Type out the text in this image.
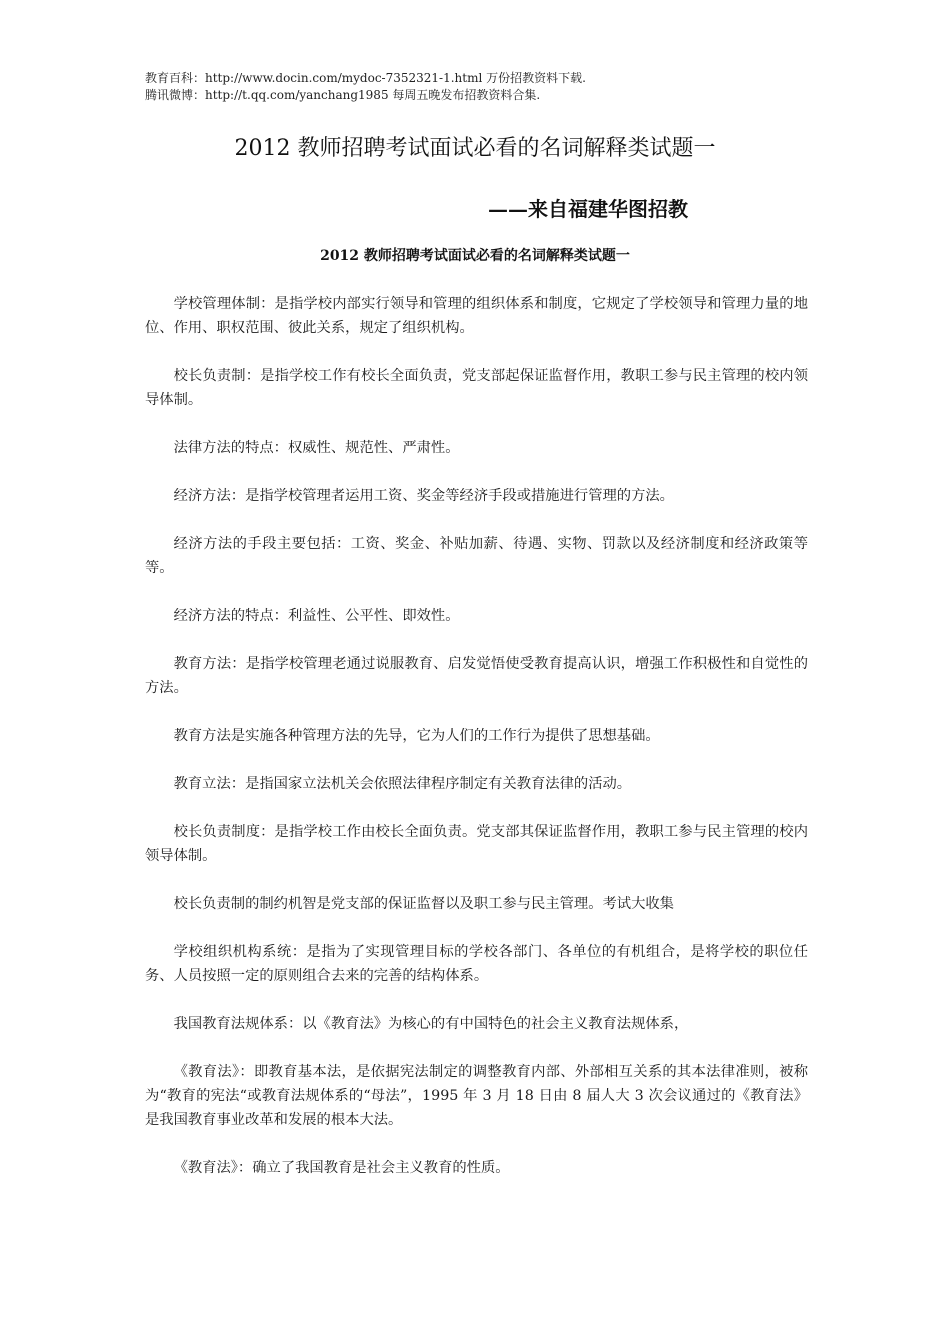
教育百科：http://www.docin.com/mydoc-7352321-1.html 万份招教资料下载.
腾讯微博：http://t.qq.com/yanchang1985 每周五晚发布招教资料合集.
2012 教师招聘考试面试必看的名词解释类试题一
——来自福建华图招教
2012 教师招聘考试面试必看的名词解释类试题一

学校管理体制：是指学校内部实行领导和管理的组织体系和制度，它规定了学校领导和管理力量的地位、作用、职权范围、彼此关系，规定了组织机构。

校长负责制：是指学校工作有校长全面负责，党支部起保证监督作用，教职工参与民主管理的校内领导体制。

法律方法的特点：权威性、规范性、严肃性。

经济方法：是指学校管理者运用工资、奖金等经济手段或措施进行管理的方法。

经济方法的手段主要包括：工资、奖金、补贴加薪、待遇、实物、罚款以及经济制度和经济政策等等。

经济方法的特点：利益性、公平性、即效性。

教育方法：是指学校管理老通过说服教育、启发觉悟使受教育提高认识，增强工作积极性和自觉性的方法。

教育方法是实施各种管理方法的先导，它为人们的工作行为提供了思想基础。

教育立法：是指国家立法机关会依照法律程序制定有关教育法律的活动。

校长负责制度：是指学校工作由校长全面负责。党支部其保证监督作用，教职工参与民主管理的校内领导体制。

校长负责制的制约机智是党支部的保证监督以及职工参与民主管理。考试大收集

学校组织机构系统：是指为了实现管理目标的学校各部门、各单位的有机组合，是将学校的职位任务、人员按照一定的原则组合去来的完善的结构体系。

我国教育法规体系：以《教育法》为核心的有中国特色的社会主义教育法规体系，

《教育法》：即教育基本法，是依据宪法制定的调整教育内部、外部相互关系的其本法律准则，被称为“教育的宪法“或教育法规体系的“母法”，1995 年 3 月 18 日由 8 届人大 3 次会议通过的《教育法》是我国教育事业改革和发展的根本大法。

《教育法》：确立了我国教育是社会主义教育的性质。
